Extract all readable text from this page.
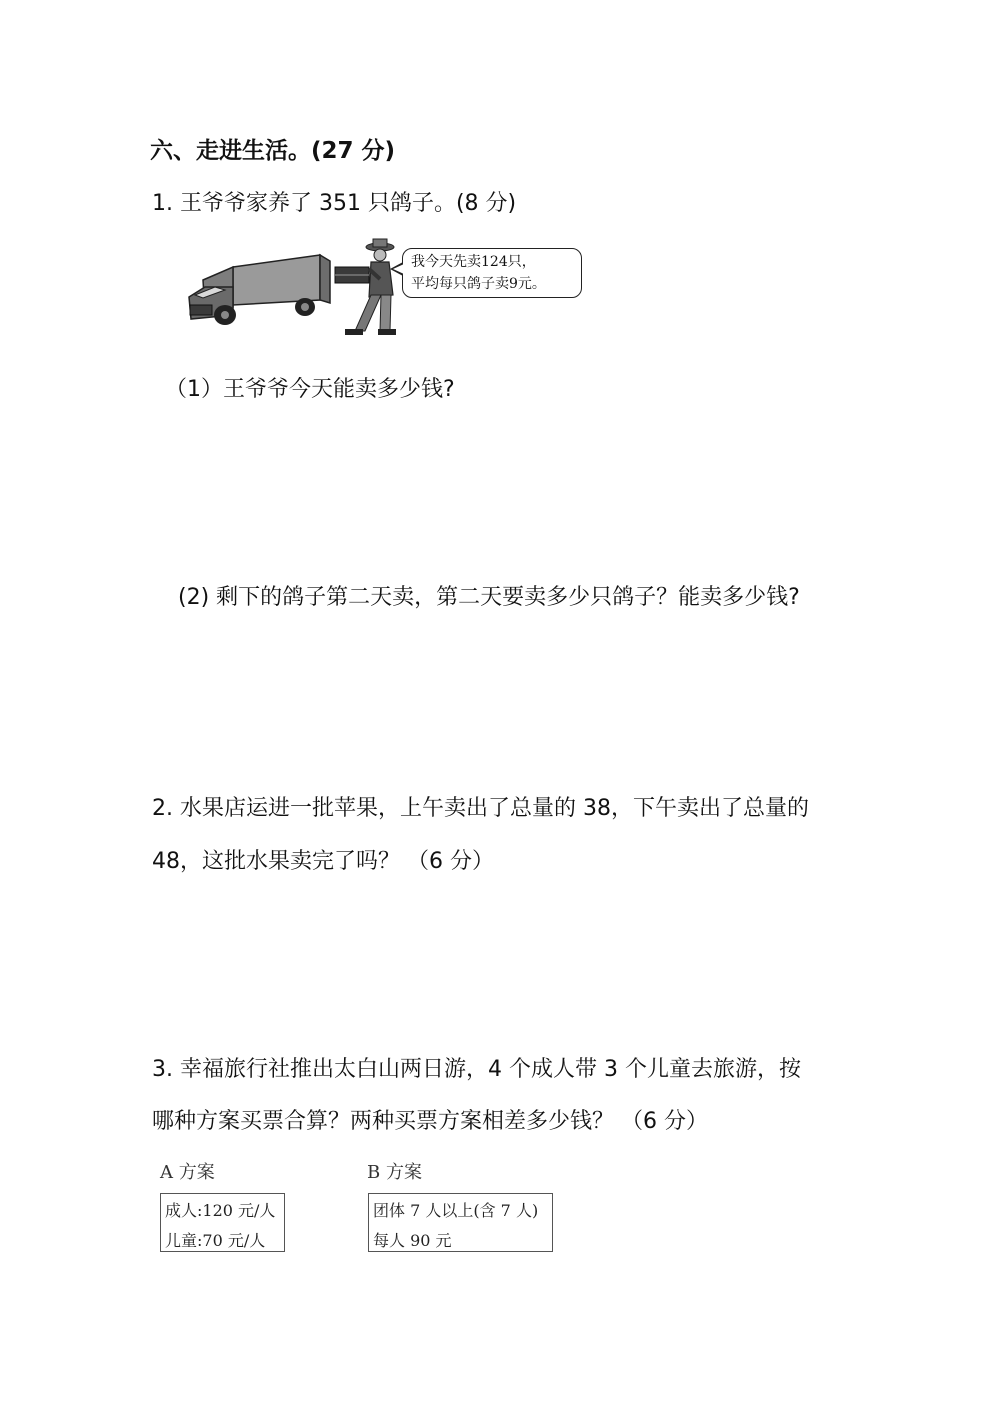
六、走进生活。(27 分)
1. 王爷爷家养了 351 只鸽子。(8 分)
我今天先卖124只，
平均每只鸽子卖9元。
（1）王爷爷今天能卖多少钱?
(2) 剩下的鸽子第二天卖，第二天要卖多少只鸽子？能卖多少钱?
2. 水果店运进一批苹果，上午卖出了总量的 38，下午卖出了总量的
48，这批水果卖完了吗？ （6 分）
3. 幸福旅行社推出太白山两日游，4 个成人带 3 个儿童去旅游，按
哪种方案买票合算？两种买票方案相差多少钱？ （6 分）
A 方案
成人:120 元/人
儿童:70 元/人
B 方案
团体 7 人以上(含 7 人)
每人 90 元
